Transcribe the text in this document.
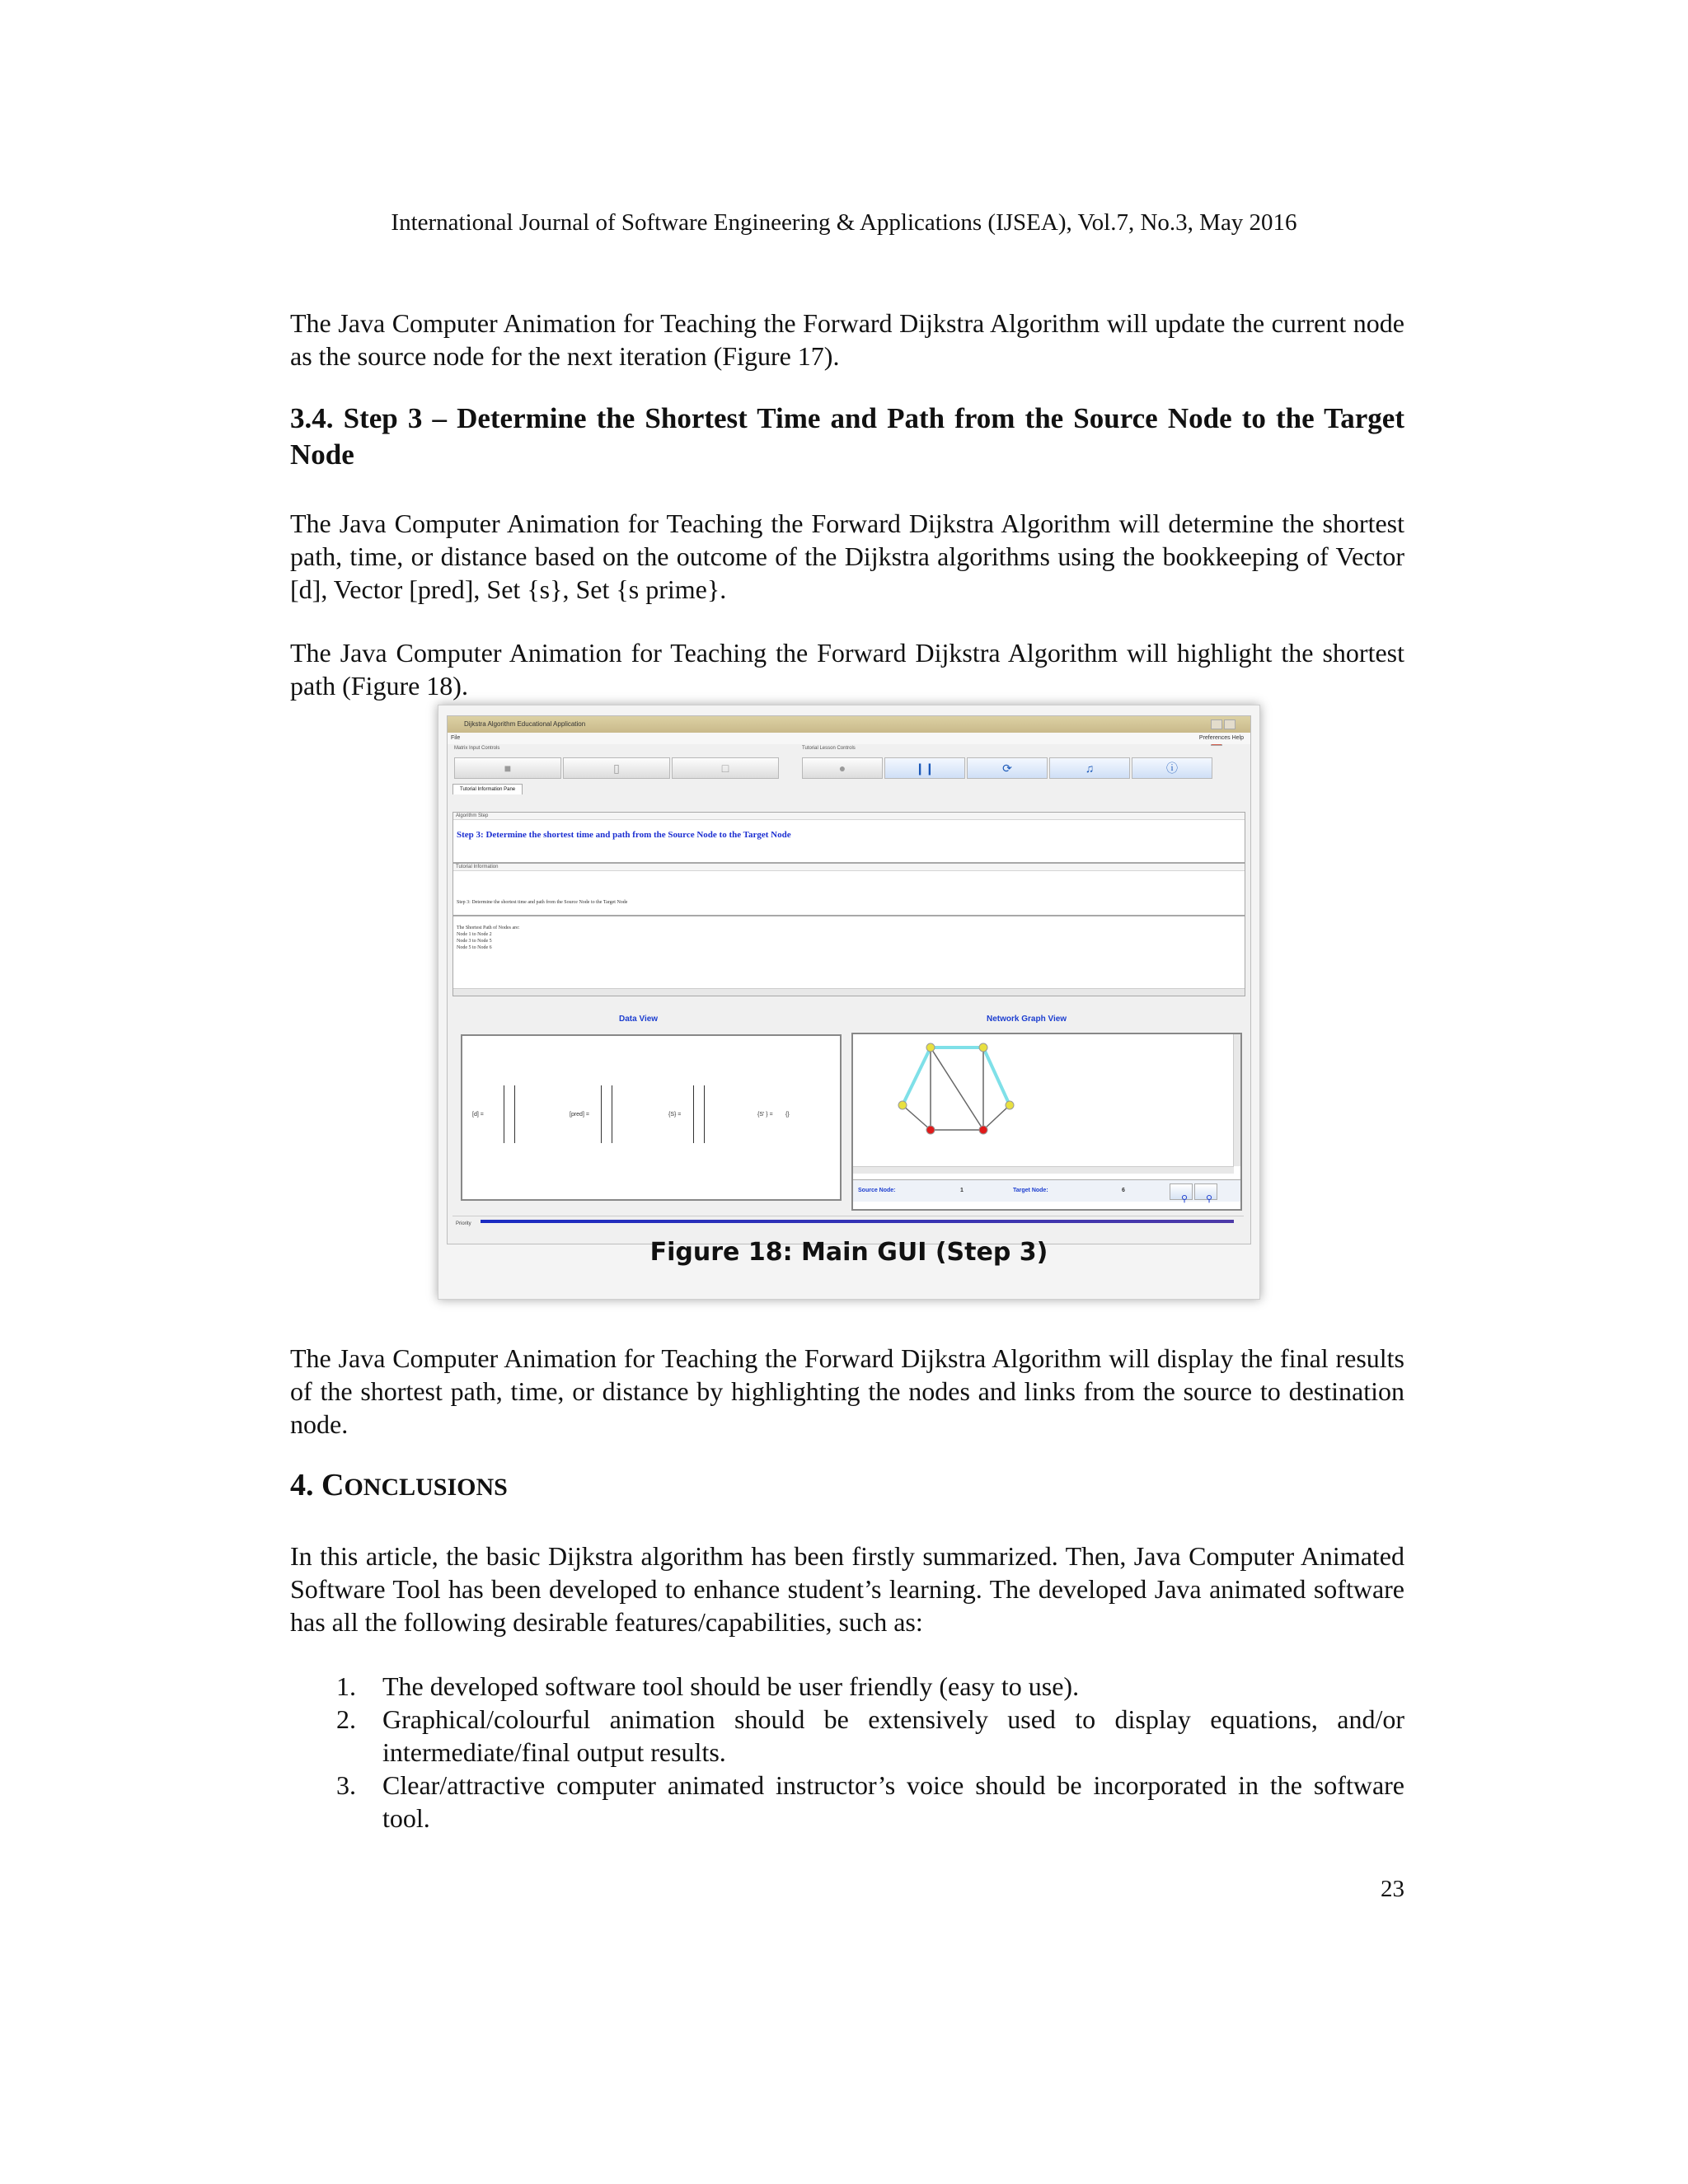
International Journal of Software Engineering & Applications (IJSEA), Vol.7, No.3, May 2016
The Java Computer Animation for Teaching the Forward Dijkstra Algorithm will update the current node as the source node for the next iteration (Figure 17).
3.4. Step 3 – Determine the Shortest Time and Path from the Source Node to the Target Node
The Java Computer Animation for Teaching the Forward Dijkstra Algorithm will determine the shortest path, time, or distance based on the outcome of the Dijkstra algorithms using the bookkeeping of Vector [d], Vector [pred], Set {s}, Set {s prime}.
The Java Computer Animation for Teaching the Forward Dijkstra Algorithm will highlight the shortest path (Figure 18).
Dijkstra Algorithm Educational Application
File	Preferences Help
Matrix Input Controls	Tutorial Lesson Controls
■	▯	□	●	❙❙	⟳	♫	ⓘ
Tutorial Information Pane
Algorithm Step
Step 3: Determine the shortest time and path from the Source Node to the Target Node
Tutorial Information
Step 3: Determine the shortest time and path from the Source Node to the Target Node
The Shortest Path of Nodes are:
Node 1 to Node 2
Node 3 to Node 5
Node 5 to Node 6
Data View	Network Graph View
[d] =	[pred] =	{S} =	{S' } = {}
Source Node:	1	Target Node:	6
⚲ ⚲
Priority
Figure 18: Main GUI (Step 3)
The Java Computer Animation for Teaching the Forward Dijkstra Algorithm will display the final results of the shortest path, time, or distance by highlighting the nodes and links from the source to destination node.
4. CONCLUSIONS
In this article, the basic Dijkstra algorithm has been firstly summarized. Then, Java Computer Animated Software Tool has been developed to enhance student’s learning. The developed Java animated software has all the following desirable features/capabilities, such as:
1. The developed software tool should be user friendly (easy to use).
2. Graphical/colourful animation should be extensively used to display equations, and/or intermediate/final output results.
3. Clear/attractive computer animated instructor’s voice should be incorporated in the software tool.
23
